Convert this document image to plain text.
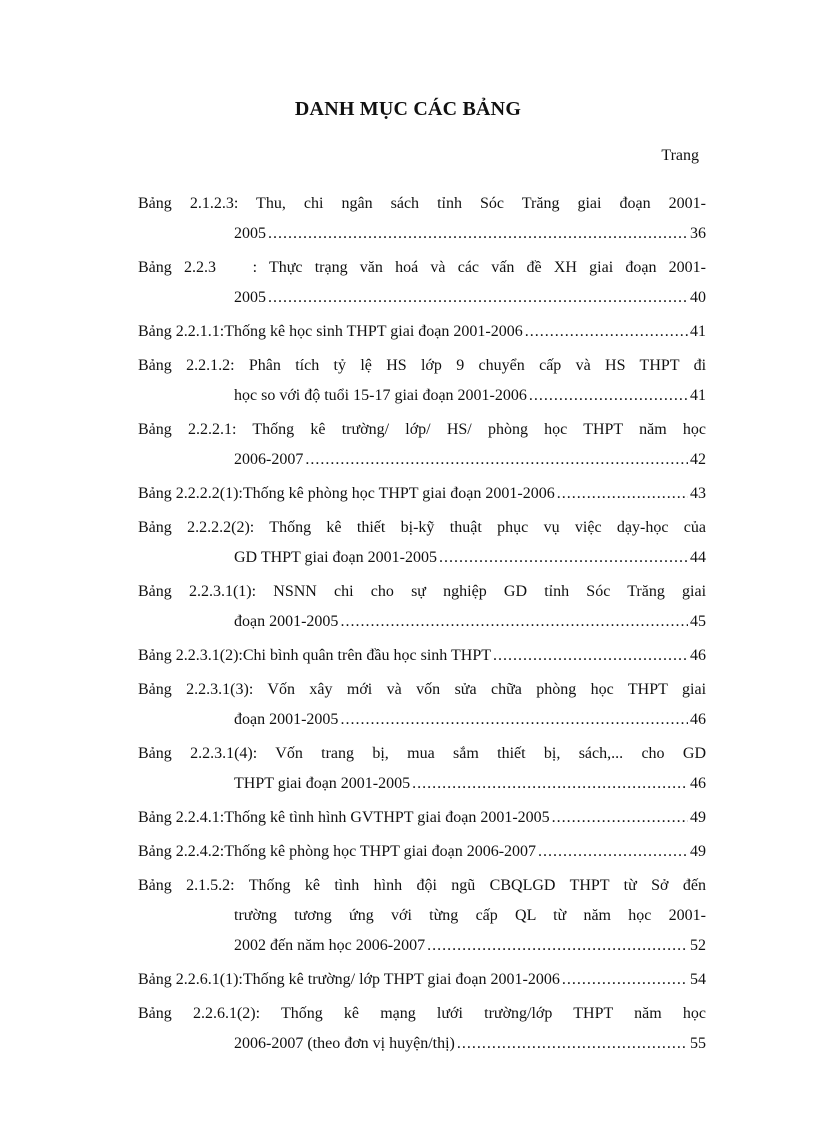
DANH MỤC CÁC BẢNG
Trang
Bảng 2.1.2.3: Thu, chi ngân sách tỉnh Sóc Trăng giai đoạn 2001-
2005 .....	36
Bảng 2.2.3   : Thực trạng văn hoá và các vấn đề XH giai đoạn 2001-
2005 .....	40
Bảng 2.2.1.1: Thống kê học sinh THPT giai đoạn 2001-2006 .....	41
Bảng 2.2.1.2: Phân tích tỷ lệ HS lớp 9 chuyển cấp và HS THPT đi
học so với độ tuổi 15-17 giai đoạn 2001-2006 .....	41
Bảng 2.2.2.1: Thống kê trường/ lớp/ HS/ phòng học THPT năm học
2006-2007 .....	42
Bảng 2.2.2.2(1): Thống kê phòng học THPT giai đoạn 2001-2006 .....	43
Bảng 2.2.2.2(2): Thống kê thiết bị-kỹ thuật phục vụ việc dạy-học của
GD THPT giai đoạn 2001-2005 .....	44
Bảng 2.2.3.1(1): NSNN chi cho sự nghiệp GD tỉnh Sóc Trăng giai
đoạn 2001-2005 .....	45
Bảng 2.2.3.1(2): Chi bình quân trên đầu học sinh THPT .....	46
Bảng 2.2.3.1(3): Vốn xây mới và vốn sửa chữa phòng học THPT giai
đoạn 2001-2005 .....	46
Bảng 2.2.3.1(4): Vốn trang bị, mua sắm thiết bị, sách,... cho GD
THPT giai đoạn 2001-2005 .....	46
Bảng 2.2.4.1: Thống kê tình hình GVTHPT giai đoạn 2001-2005 .....	49
Bảng 2.2.4.2: Thống kê phòng học THPT giai đoạn 2006-2007 .....	49
Bảng 2.1.5.2: Thống kê tình hình đội ngũ CBQLGD THPT từ Sở đến
trường tương ứng với từng cấp QL từ năm học 2001-
2002 đến năm học 2006-2007 .....	52
Bảng 2.2.6.1(1): Thống kê trường/ lớp THPT giai đoạn 2001-2006 .....	54
Bảng 2.2.6.1(2): Thống kê mạng lưới trường/lớp THPT năm học
2006-2007 (theo đơn vị huyện/thị) .....	55
